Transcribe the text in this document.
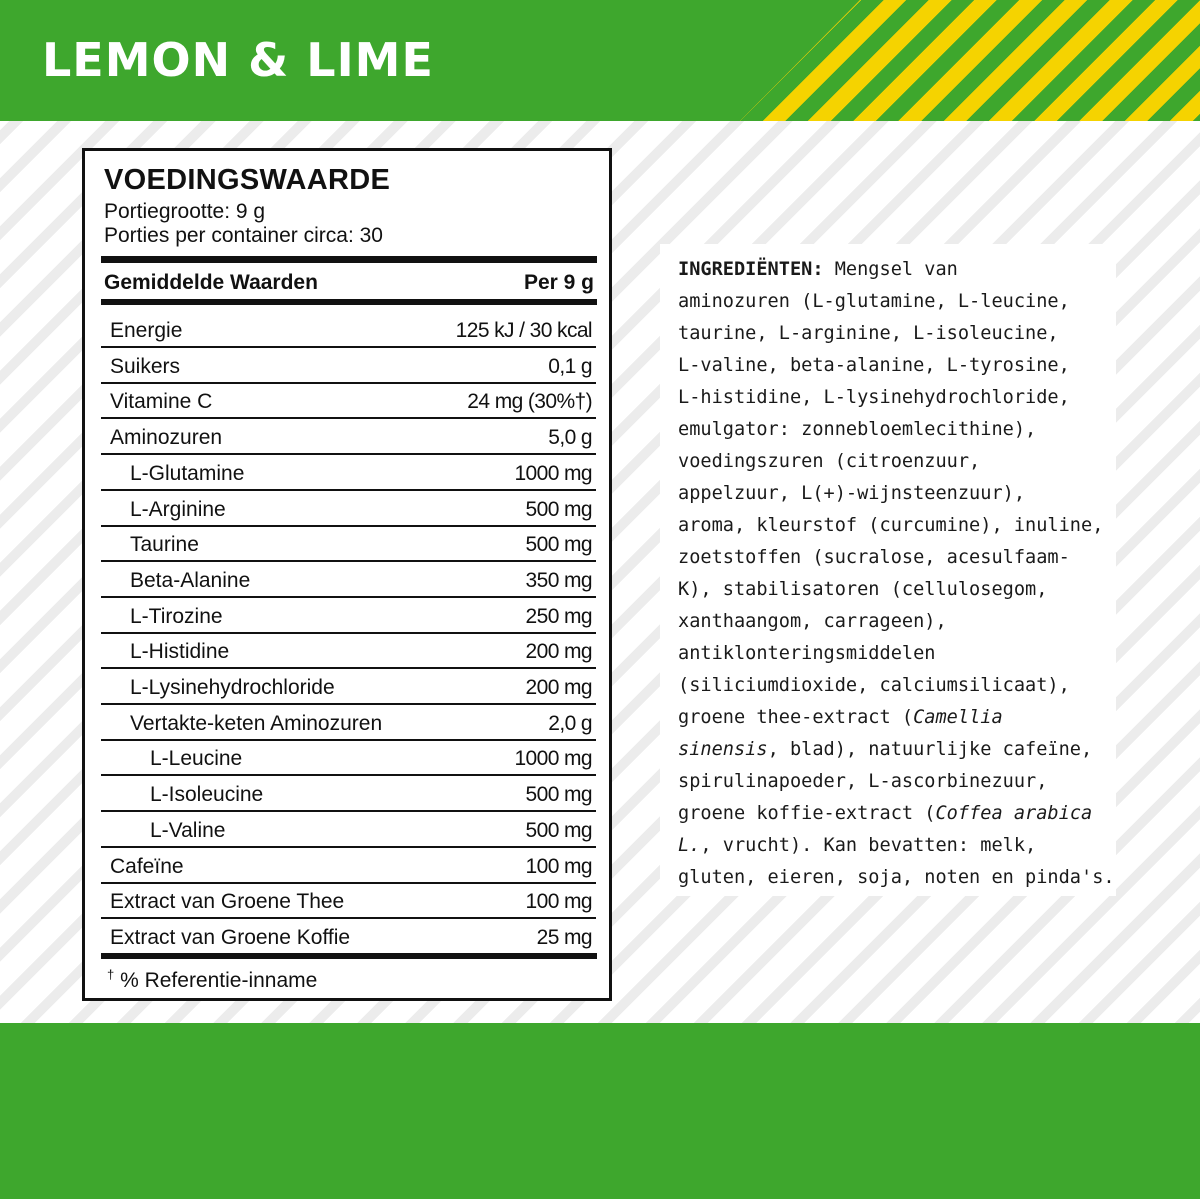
LEMON & LIME
VOEDINGSWAARDE
Portiegrootte: 9 g
Porties per container circa: 30
Gemiddelde Waarden	Per 9 g
Energie	125 kJ / 30 kcal
Suikers	0,1 g
Vitamine C	24 mg (30%†)
Aminozuren	5,0 g
L-Glutamine	1000 mg
L-Arginine	500 mg
Taurine	500 mg
Beta-Alanine	350 mg
L-Tirozine	250 mg
L-Histidine	200 mg
L-Lysinehydrochloride	200 mg
Vertakte-keten Aminozuren	2,0 g
L-Leucine	1000 mg
L-Isoleucine	500 mg
L-Valine	500 mg
Cafeïne	100 mg
Extract van Groene Thee	100 mg
Extract van Groene Koffie	25 mg
† % Referentie-inname

INGREDIËNTEN: Mengsel van
aminozuren (L-glutamine, L-leucine,
taurine, L-arginine, L-isoleucine,
L-valine, beta-alanine, L-tyrosine,
L-histidine, L-lysinehydrochloride,
emulgator: zonnebloemlecithine),
voedingszuren (citroenzuur,
appelzuur, L(+)-wijnsteenzuur),
aroma, kleurstof (curcumine), inuline,
zoetstoffen (sucralose, acesulfaam-
K), stabilisatoren (cellulosegom,
xanthaangom, carrageen),
antiklonteringsmiddelen
(siliciumdioxide, calciumsilicaat),
groene thee-extract (Camellia
sinensis, blad), natuurlijke cafeïne,
spirulinapoeder, L-ascorbinezuur,
groene koffie-extract (Coffea arabica
L., vrucht). Kan bevatten: melk,
gluten, eieren, soja, noten en pinda's.
